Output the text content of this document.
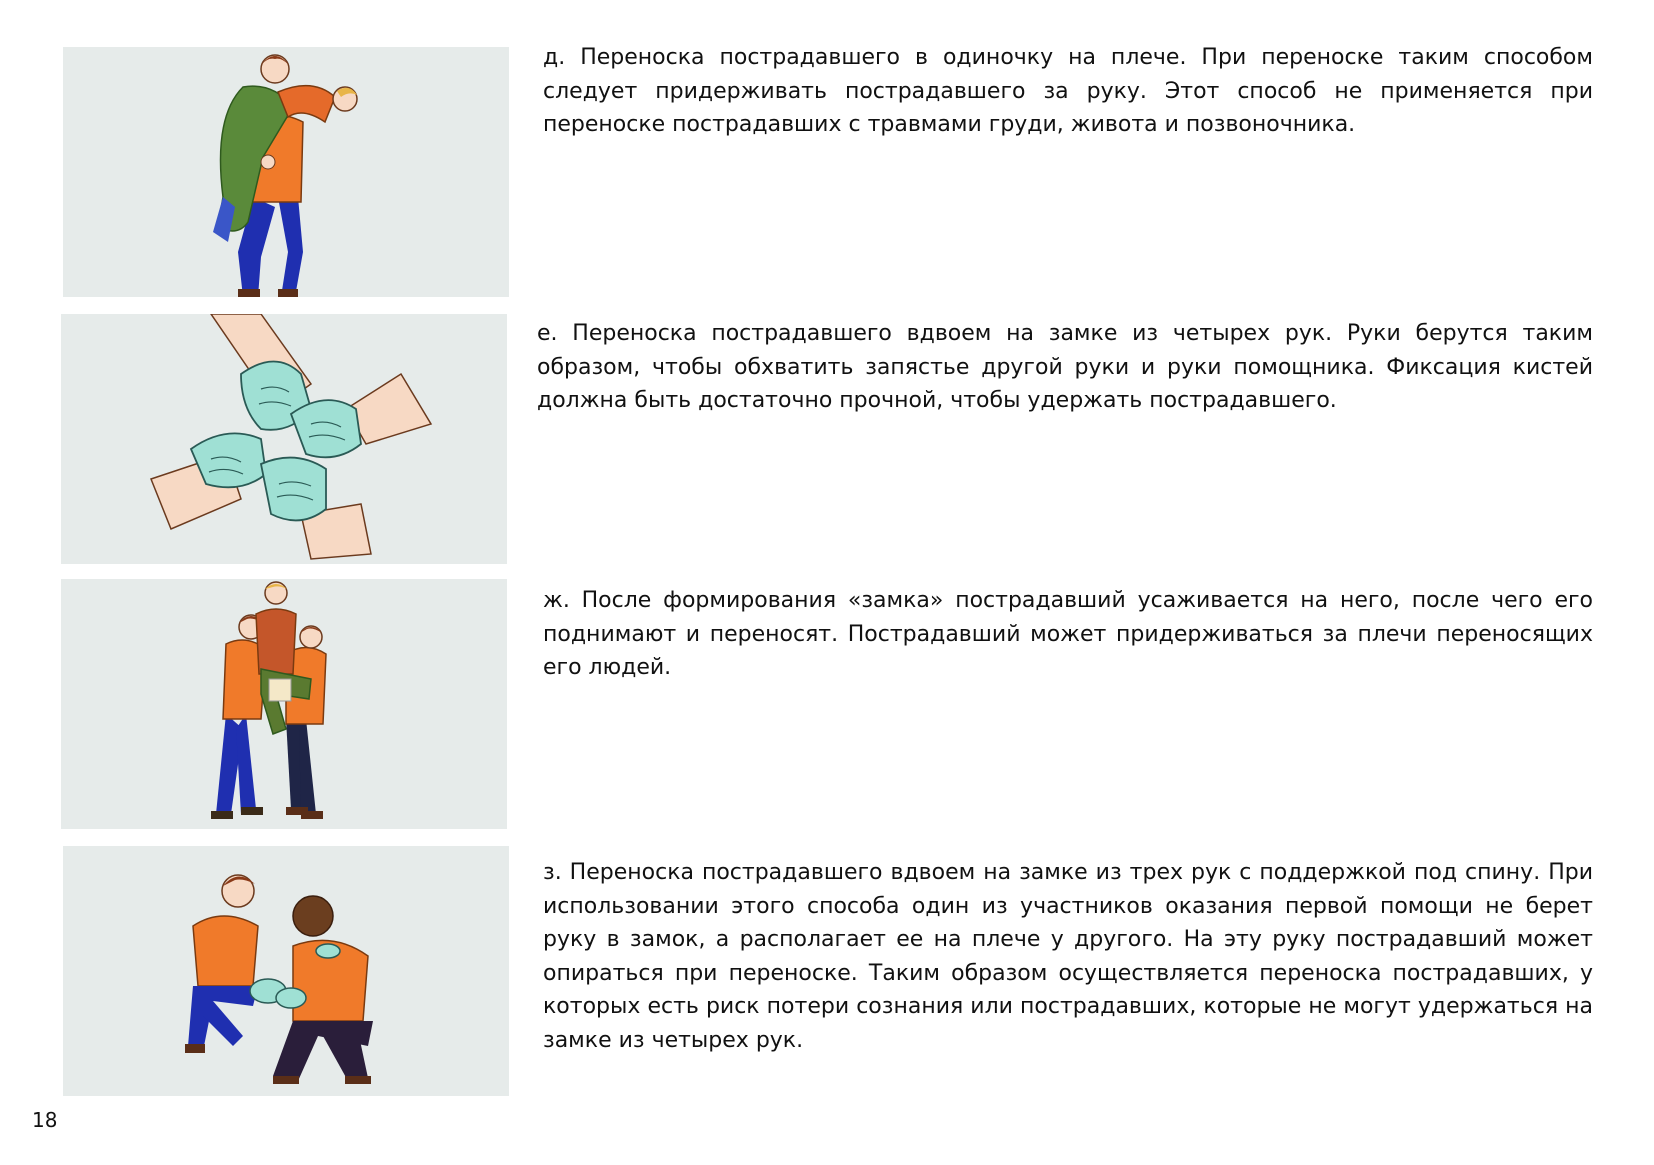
д. Переноска пострадавшего в одиночку на плече. При переноске таким способом следует придерживать пострадавшего за руку. Этот способ не применяется при переноске пострадавших с травмами груди, живота и позвоночника.

е. Переноска пострадавшего вдвоем на замке из четырех рук. Руки берутся таким образом, чтобы обхватить запястье другой руки и руки помощника. Фиксация кистей должна быть достаточно прочной, чтобы удержать пострадавшего.

ж. После формирования «замка» пострадавший усаживается на него, после чего его поднимают и переносят. Пострадавший может придерживаться за плечи переносящих его людей.

з. Переноска пострадавшего вдвоем на замке из трех рук с поддержкой под спину. При использовании этого способа один из участников оказания первой помощи не берет руку в замок, а располагает ее на плече у другого. На эту руку пострадавший может опираться при переноске. Таким образом осуществляется переноска пострадавших, у которых есть риск потери сознания или пострадавших, которые не могут удержаться на замке из четырех рук.

18
